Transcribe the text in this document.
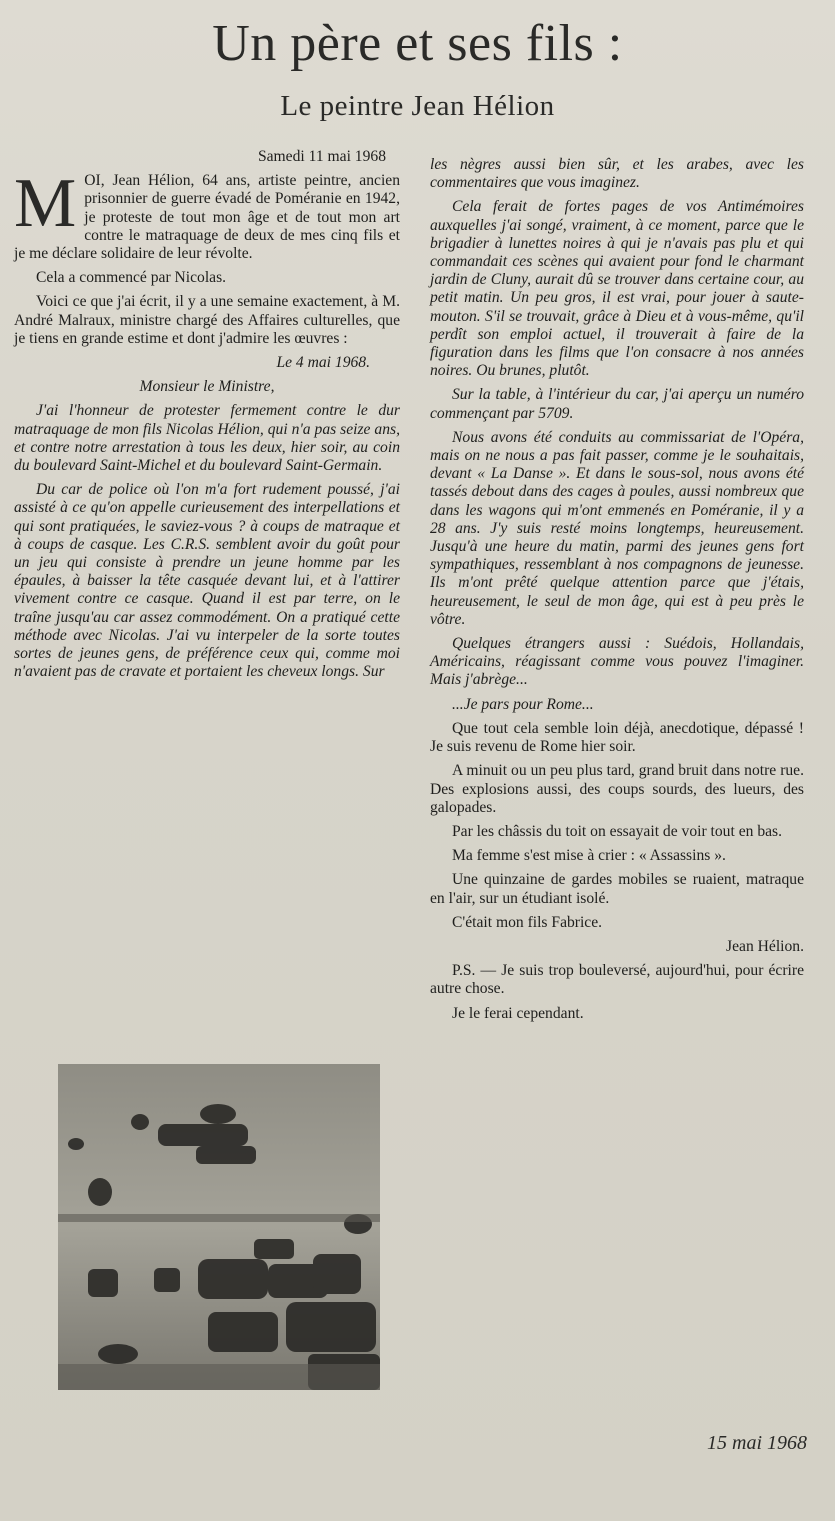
Un père et ses fils :
Le peintre Jean Hélion

Samedi 11 mai 1968

MOI, Jean Hélion, 64 ans, artiste peintre, ancien prisonnier de guerre évadé de Poméranie en 1942, je proteste de tout mon âge et de tout mon art contre le matraquage de deux de mes cinq fils et je me déclare solidaire de leur révolte.

Cela a commencé par Nicolas.

Voici ce que j'ai écrit, il y a une semaine exactement, à M. André Malraux, ministre chargé des Affaires culturelles, que je tiens en grande estime et dont j'admire les œuvres :

Le 4 mai 1968.

Monsieur le Ministre,

J'ai l'honneur de protester fermement contre le dur matraquage de mon fils Nicolas Hélion, qui n'a pas seize ans, et contre notre arrestation à tous les deux, hier soir, au coin du boulevard Saint-Michel et du boulevard Saint-Germain.

Du car de police où l'on m'a fort rudement poussé, j'ai assisté à ce qu'on appelle curieusement des interpellations et qui sont pratiquées, le saviez-vous ? à coups de matraque et à coups de casque. Les C.R.S. semblent avoir du goût pour un jeu qui consiste à prendre un jeune homme par les épaules, à baisser la tête casquée devant lui, et à l'attirer vivement contre ce casque. Quand il est par terre, on le traîne jusqu'au car assez commodément. On a pratiqué cette méthode avec Nicolas. J'ai vu interpeler de la sorte toutes sortes de jeunes gens, de préférence ceux qui, comme moi n'avaient pas de cravate et portaient les cheveux longs. Sur

les nègres aussi bien sûr, et les arabes, avec les commentaires que vous imaginez.

Cela ferait de fortes pages de vos Antimémoires auxquelles j'ai songé, vraiment, à ce moment, parce que le brigadier à lunettes noires à qui je n'avais pas plu et qui commandait ces scènes qui avaient pour fond le charmant jardin de Cluny, aurait dû se trouver dans certaine cour, au petit matin. Un peu gros, il est vrai, pour jouer à saute-mouton. S'il se trouvait, grâce à Dieu et à vous-même, qu'il perdît son emploi actuel, il trouverait à faire de la figuration dans les films que l'on consacre à nos années noires. Ou brunes, plutôt.

Sur la table, à l'intérieur du car, j'ai aperçu un numéro commençant par 5709.

Nous avons été conduits au commissariat de l'Opéra, mais on ne nous a pas fait passer, comme je le souhaitais, devant « La Danse ». Et dans le sous-sol, nous avons été tassés debout dans des cages à poules, aussi nombreux que dans les wagons qui m'ont emmenés en Poméranie, il y a 28 ans. J'y suis resté moins longtemps, heureusement. Jusqu'à une heure du matin, parmi des jeunes gens fort sympathiques, ressemblant à nos compagnons de jeunesse. Ils m'ont prêté quelque attention parce que j'étais, heureusement, le seul de mon âge, qui est à peu près le vôtre.

Quelques étrangers aussi : Suédois, Hollandais, Américains, réagissant comme vous pouvez l'imaginer. Mais j'abrège...

...Je pars pour Rome...

Que tout cela semble loin déjà, anecdotique, dépassé ! Je suis revenu de Rome hier soir.

A minuit ou un peu plus tard, grand bruit dans notre rue. Des explosions aussi, des coups sourds, des lueurs, des galopades.

Par les châssis du toit on essayait de voir tout en bas.

Ma femme s'est mise à crier : « Assassins ».

Une quinzaine de gardes mobiles se ruaient, matraque en l'air, sur un étudiant isolé.

C'était mon fils Fabrice.

Jean Hélion.

P.S. — Je suis trop bouleversé, aujourd'hui, pour écrire autre chose.

Je le ferai cependant.

15 mai 1968
